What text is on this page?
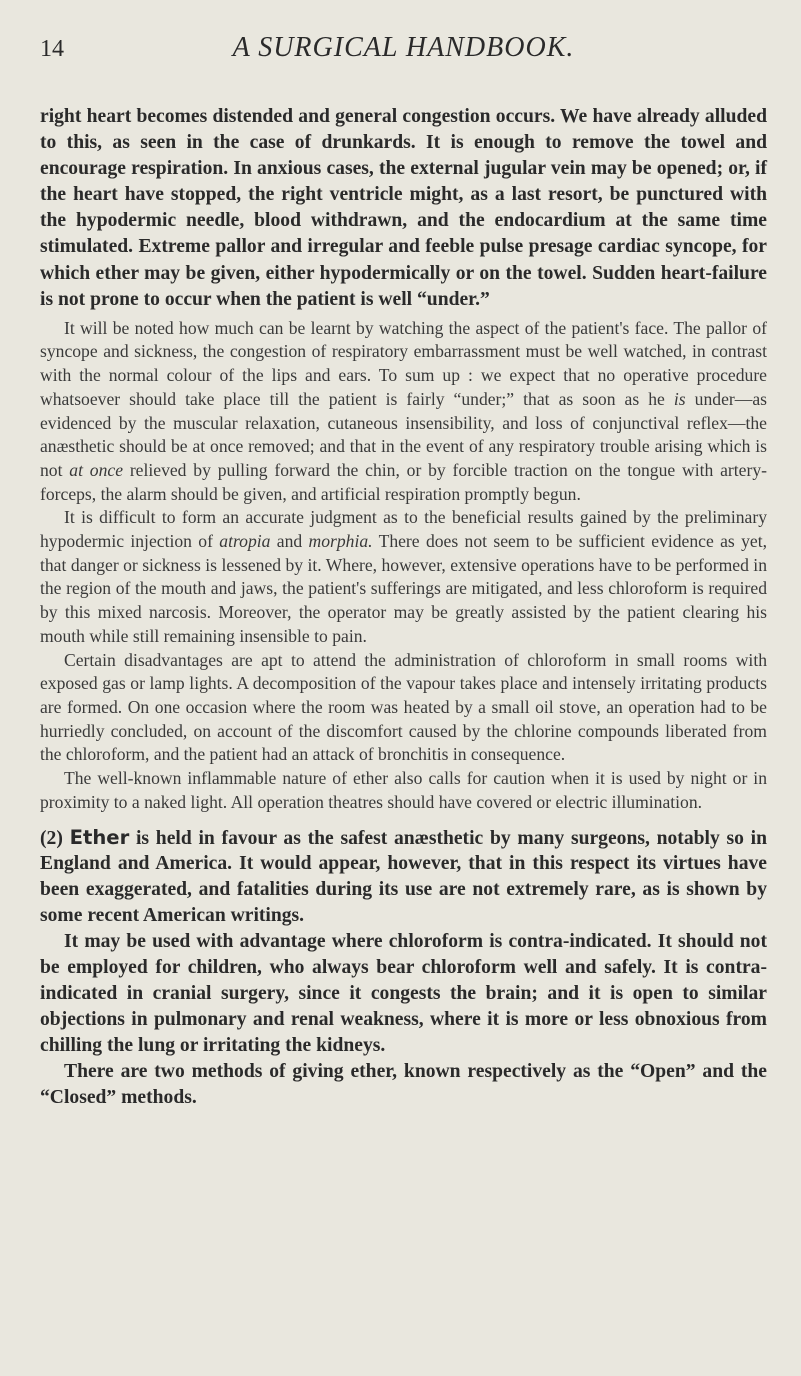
14	A SURGICAL HANDBOOK.

right heart becomes distended and general congestion occurs. We have already alluded to this, as seen in the case of drunkards. It is enough to remove the towel and encourage respiration. In anxious cases, the external jugular vein may be opened; or, if the heart have stopped, the right ventricle might, as a last resort, be punctured with the hypodermic needle, blood withdrawn, and the endocardium at the same time stimulated. Extreme pallor and irregular and feeble pulse presage cardiac syncope, for which ether may be given, either hypodermically or on the towel. Sudden heart-failure is not prone to occur when the patient is well “under.”

It will be noted how much can be learnt by watching the aspect of the patient's face. The pallor of syncope and sickness, the congestion of respiratory embarrassment must be well watched, in contrast with the normal colour of the lips and ears. To sum up : we expect that no operative procedure whatsoever should take place till the patient is fairly “under;” that as soon as he is under—as evidenced by the muscular relaxation, cutaneous insensibility, and loss of conjunctival reflex—the anæsthetic should be at once removed; and that in the event of any respiratory trouble arising which is not at once relieved by pulling forward the chin, or by forcible traction on the tongue with artery-forceps, the alarm should be given, and artificial respiration promptly begun.

It is difficult to form an accurate judgment as to the beneficial results gained by the preliminary hypodermic injection of atropia and morphia. There does not seem to be sufficient evidence as yet, that danger or sickness is lessened by it. Where, however, extensive operations have to be performed in the region of the mouth and jaws, the patient's sufferings are mitigated, and less chloroform is required by this mixed narcosis. Moreover, the operator may be greatly assisted by the patient clearing his mouth while still remaining insensible to pain.

Certain disadvantages are apt to attend the administration of chloroform in small rooms with exposed gas or lamp lights. A decomposition of the vapour takes place and intensely irritating products are formed. On one occasion where the room was heated by a small oil stove, an operation had to be hurriedly concluded, on account of the discomfort caused by the chlorine compounds liberated from the chloroform, and the patient had an attack of bronchitis in consequence.

The well-known inflammable nature of ether also calls for caution when it is used by night or in proximity to a naked light. All operation theatres should have covered or electric illumination.

(2) Ether is held in favour as the safest anæsthetic by many surgeons, notably so in England and America. It would appear, however, that in this respect its virtues have been exaggerated, and fatalities during its use are not extremely rare, as is shown by some recent American writings.

It may be used with advantage where chloroform is contra-indicated. It should not be employed for children, who always bear chloroform well and safely. It is contra-indicated in cranial surgery, since it congests the brain; and it is open to similar objections in pulmonary and renal weakness, where it is more or less obnoxious from chilling the lung or irritating the kidneys.

There are two methods of giving ether, known respectively as the “Open” and the “Closed” methods.
